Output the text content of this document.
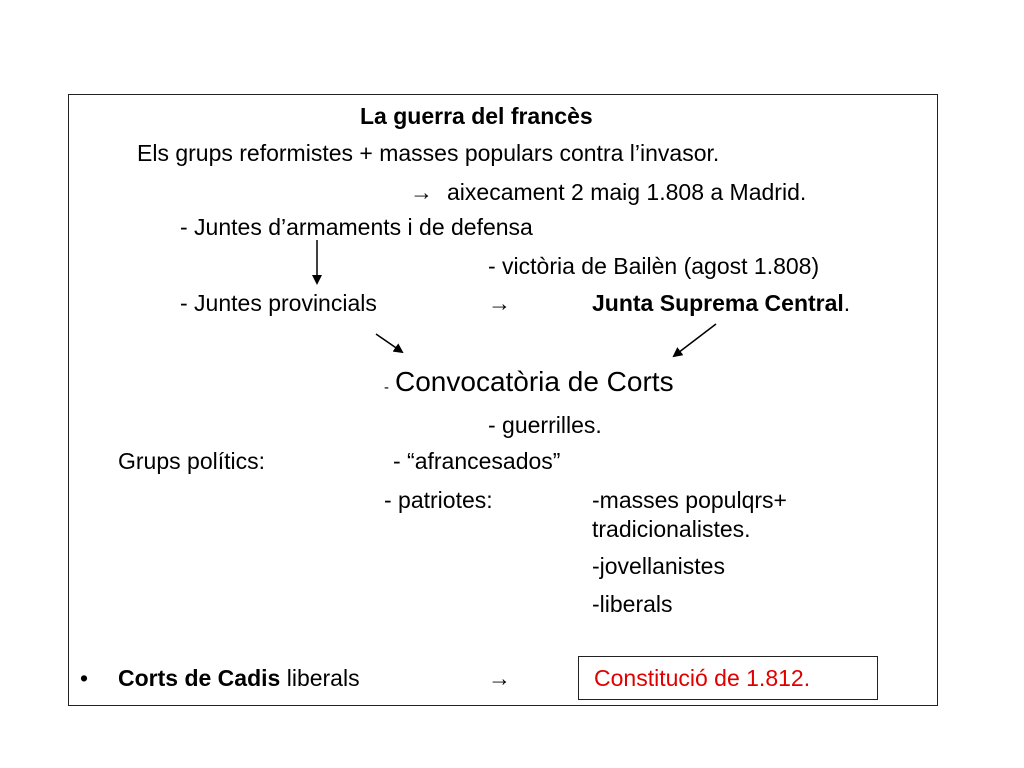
La guerra del francès
Els grups reformistes + masses populars contra l’invasor.
→ aixecament 2 maig 1.808 a Madrid.
- Juntes d’armaments i de defensa
- victòria de Bailèn (agost 1.808)
- Juntes provincials	→	Junta Suprema Central.
- Convocatòria de Corts
- guerrilles.
Grups polítics:	- “afrancesados”
- patriotes:	-masses populqrs+
tradicionalistes.
-jovellanistes
-liberals
• Corts de Cadis liberals	→	Constitució de 1.812.
